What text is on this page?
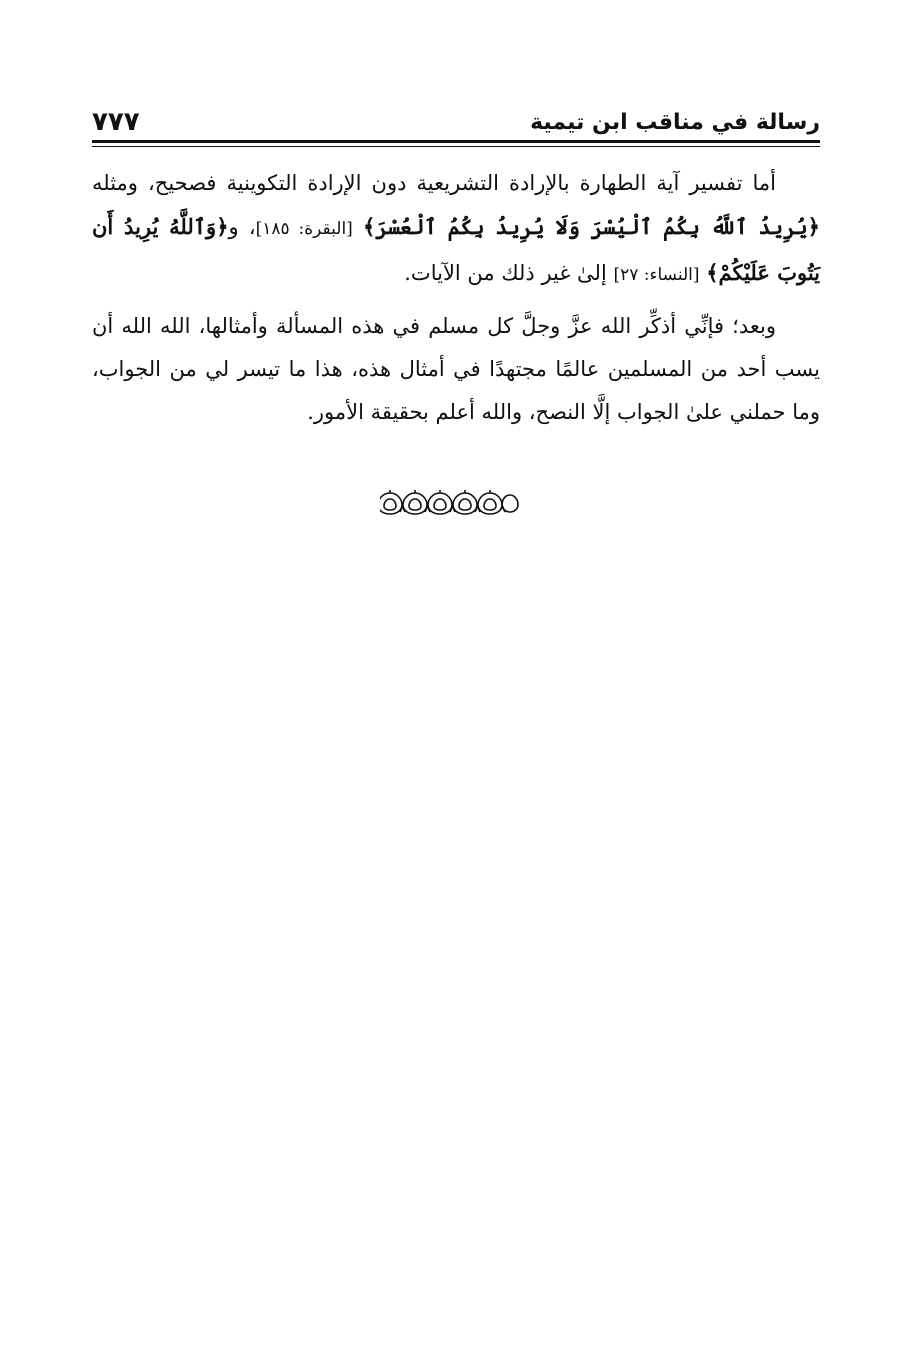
رسالة في مناقب ابن تيمية
٧٧٧

أما تفسير آية الطهارة بالإرادة التشريعية دون الإرادة التكوينية فصحيح، ومثله ﴿يُرِيدُ ٱللَّهُ بِكُمُ ٱلْيُسْرَ وَلَا يُرِيدُ بِكُمُ ٱلْعُسْرَ﴾ [البقرة: ١٨٥]، و﴿وَٱللَّهُ يُرِيدُ أَن يَتُوبَ عَلَيْكُمْ﴾ [النساء: ٢٧] إلىٰ غير ذلك من الآيات.

وبعد؛ فإنِّي أذكِّر الله عزَّ وجلَّ كل مسلم في هذه المسألة وأمثالها، الله الله أن يسب أحد من المسلمين عالمًا مجتهدًا في أمثال هذه، هذا ما تيسر لي من الجواب، وما حملني علىٰ الجواب إلَّا النصح، والله أعلم بحقيقة الأمور.
